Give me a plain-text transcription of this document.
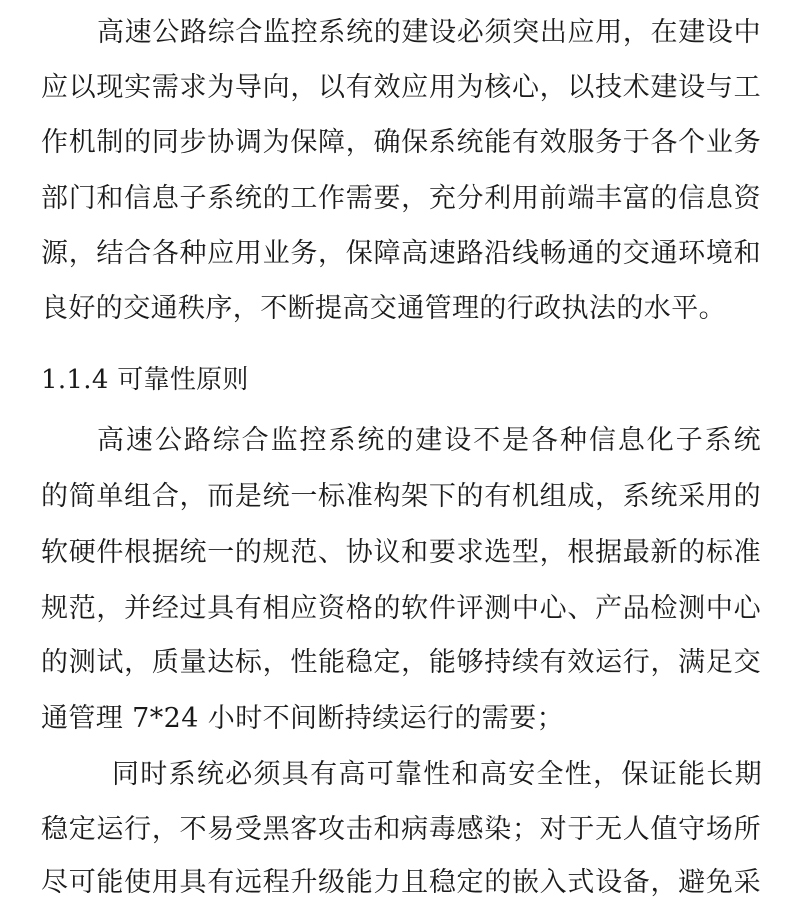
高速公路综合监控系统的建设必须突出应用，在建设中
应以现实需求为导向，以有效应用为核心，以技术建设与工
作机制的同步协调为保障，确保系统能有效服务于各个业务
部门和信息子系统的工作需要，充分利用前端丰富的信息资
源，结合各种应用业务，保障高速路沿线畅通的交通环境和
良好的交通秩序，不断提高交通管理的行政执法的水平。
1.1.4 可靠性原则
高速公路综合监控系统的建设不是各种信息化子系统
的简单组合，而是统一标准构架下的有机组成，系统采用的
软硬件根据统一的规范、协议和要求选型，根据最新的标准
规范，并经过具有相应资格的软件评测中心、产品检测中心
的测试，质量达标，性能稳定，能够持续有效运行，满足交
通管理 7*24 小时不间断持续运行的需要；
同时系统必须具有高可靠性和高安全性，保证能长期
稳定运行，不易受黑客攻击和病毒感染；对于无人值守场所
尽可能使用具有远程升级能力且稳定的嵌入式设备，避免采
